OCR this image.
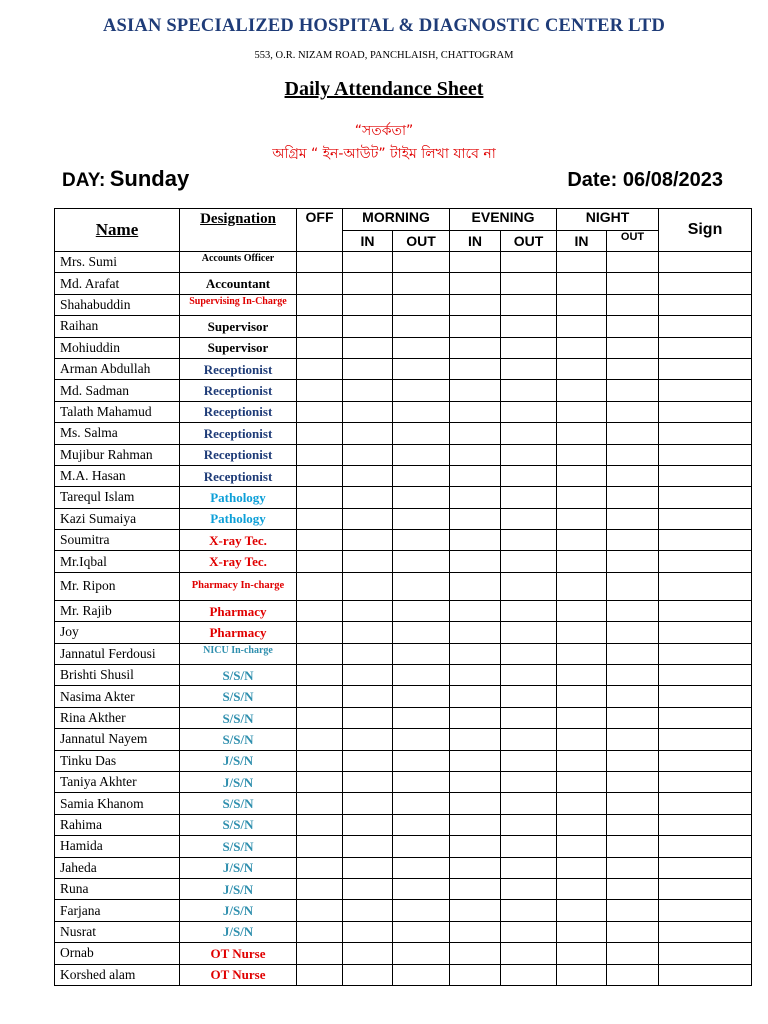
ASIAN SPECIALIZED HOSPITAL & DIAGNOSTIC CENTER LTD
553, O.R. NIZAM ROAD, PANCHLAISH, CHATTOGRAM
Daily Attendance Sheet
“সতর্কতা”
অগ্রিম “ ইন-আউট” টাইম লিখা যাবে না
DAY: Sunday	Date: 06/08/2023
Name	Designation	OFF	MORNING		EVENING		NIGHT		Sign
			IN	OUT	IN	OUT	IN	OUT	
Mrs. Sumi	Accounts Officer								
Md. Arafat	Accountant								
Shahabuddin	Supervising In-Charge								
Raihan	Supervisor								
Mohiuddin	Supervisor								
Arman Abdullah	Receptionist								
Md. Sadman	Receptionist								
Talath Mahamud	Receptionist								
Ms. Salma	Receptionist								
Mujibur Rahman	Receptionist								
M.A. Hasan	Receptionist								
Tarequl Islam	Pathology								
Kazi Sumaiya	Pathology								
Soumitra	X-ray Tec.								
Mr.Iqbal	X-ray Tec.								
Mr. Ripon	Pharmacy In-charge								
Mr. Rajib	Pharmacy								
Joy	Pharmacy								
Jannatul Ferdousi	NICU In-charge								
Brishti Shusil	S/S/N								
Nasima Akter	S/S/N								
Rina Akther	S/S/N								
Jannatul Nayem	S/S/N								
Tinku Das	J/S/N								
Taniya Akhter	J/S/N								
Samia Khanom	S/S/N								
Rahima	S/S/N								
Hamida	S/S/N								
Jaheda	J/S/N								
Runa	J/S/N								
Farjana	J/S/N								
Nusrat	J/S/N								
Ornab	OT Nurse								
Korshed alam	OT Nurse								
